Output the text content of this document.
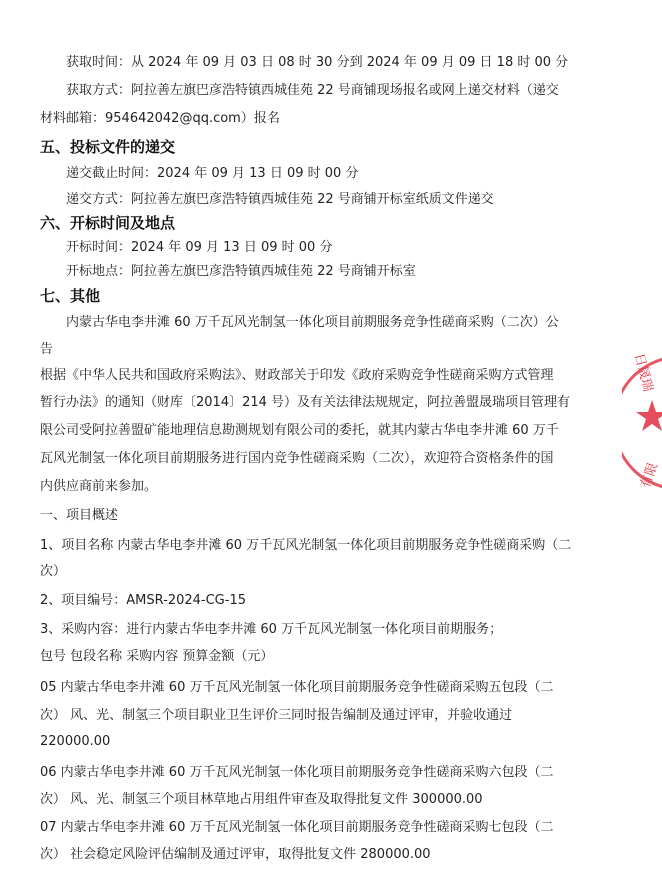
获取时间：从 2024 年 09 月 03 日 08 时 30 分到 2024 年 09 月 09 日 18 时 00 分
获取方式：阿拉善左旗巴彦浩特镇西城佳苑 22 号商铺现场报名或网上递交材料（递交
材料邮箱：954642042@qq.com）报名
五、投标文件的递交
递交截止时间：2024 年 09 月 13 日 09 时 00 分
递交方式：阿拉善左旗巴彦浩特镇西城佳苑 22 号商铺开标室纸质文件递交
六、开标时间及地点
开标时间：2024 年 09 月 13 日 09 时 00 分
开标地点：阿拉善左旗巴彦浩特镇西城佳苑 22 号商铺开标室
七、其他
内蒙古华电李井滩 60 万千瓦风光制氢一体化项目前期服务竞争性磋商采购（二次）公
告
根据《中华人民共和国政府采购法》、财政部关于印发《政府采购竞争性磋商采购方式管理
暂行办法》的通知（财库〔2014〕214 号）及有关法律法规规定，阿拉善盟晟瑞项目管理有
限公司受阿拉善盟矿能地理信息勘测规划有限公司的委托，就其内蒙古华电李井滩 60 万千
瓦风光制氢一体化项目前期服务进行国内竞争性磋商采购（二次），欢迎符合资格条件的国
内供应商前来参加。
一、项目概述
1、项目名称 内蒙古华电李井滩 60 万千瓦风光制氢一体化项目前期服务竞争性磋商采购（二
次）
2、项目编号：AMSR-2024-CG-15
3、采购内容：进行内蒙古华电李井滩 60 万千瓦风光制氢一体化项目前期服务；
包号 包段名称 采购内容 预算金额（元）
05 内蒙古华电李井滩 60 万千瓦风光制氢一体化项目前期服务竞争性磋商采购五包段（二
次） 风、光、制氢三个项目职业卫生评价三同时报告编制及通过评审，并验收通过
220000.00
06 内蒙古华电李井滩 60 万千瓦风光制氢一体化项目前期服务竞争性磋商采购六包段（二
次） 风、光、制氢三个项目林草地占用组件审查及取得批复文件 300000.00
07 内蒙古华电李井滩 60 万千瓦风光制氢一体化项目前期服务竞争性磋商采购七包段（二
次） 社会稳定风险评估编制及通过评审，取得批复文件 280000.00
日晟瑞
有限
